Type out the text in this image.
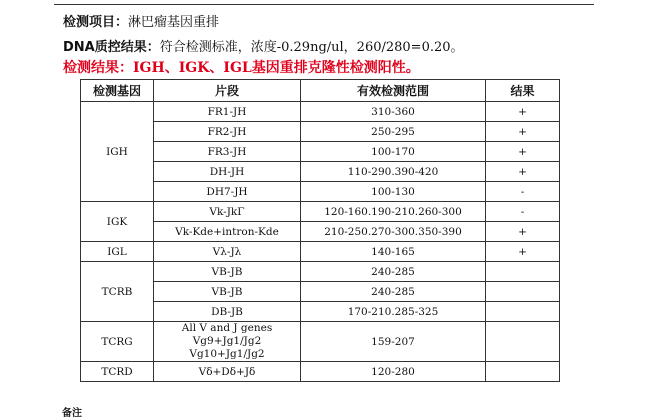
检测项目：淋巴瘤基因重排
DNA质控结果：符合检测标准，浓度-0.29ng/ul，260/280=0.20。
检测结果：IGH、IGK、IGL基因重排克隆性检测阳性。
检测基因	片段	有效检测范围	结果
IGH	FR1-JH	310-360	+
	FR2-JH	250-295	+
	FR3-JH	100-170	+
	DH-JH	110-290.390-420	+
	DH7-JH	100-130	-
IGK	Vk-JkΓ	120-160.190-210.260-300	-
	Vk-Kde+intron-Kde	210-250.270-300.350-390	+
IGL	Vλ-Jλ	140-165	+
TCRB	VB-JB	240-285	
	VB-JB	240-285	
	DB-JB	170-210.285-325	
TCRG	All V and J genes
Vg9+Jg1/Jg2
Vg10+Jg1/Jg2	159-207	
TCRD	Vδ+Dδ+Jδ	120-280	
备注
